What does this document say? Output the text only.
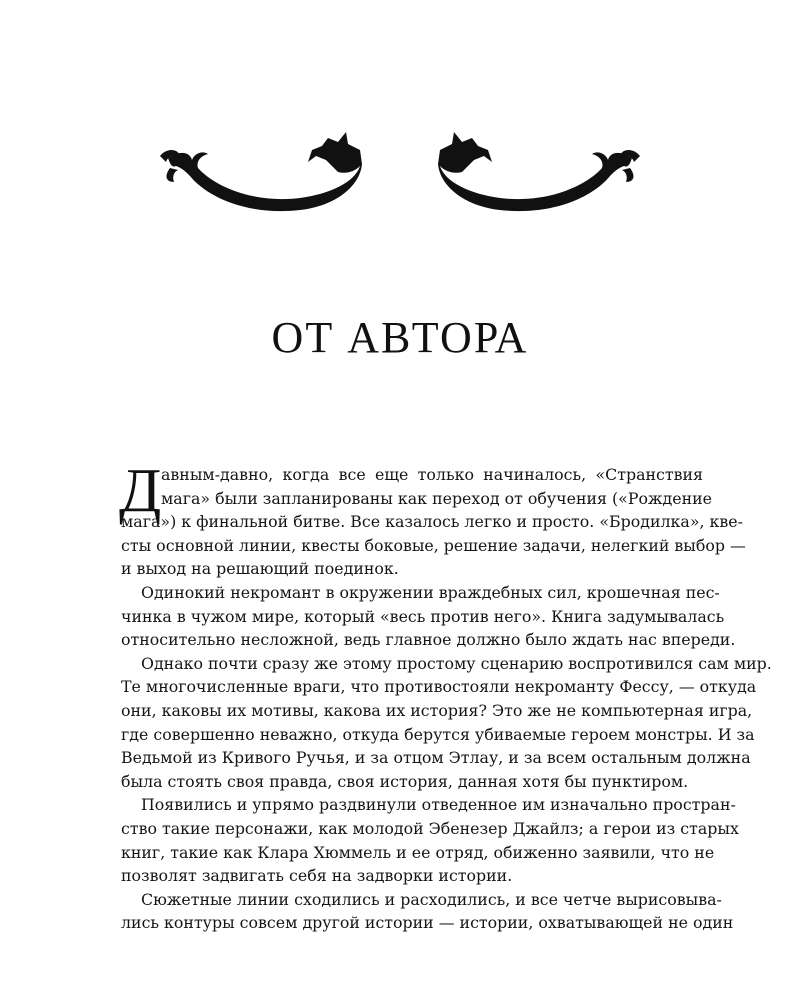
ОТ АВТОРА
Д авным-давно, когда все еще только начиналось, «Странствия
мага» были запланированы как переход от обучения («Рождение
мага») к финальной битве. Все казалось легко и просто. «Бродилка», кве-
сты основной линии, квесты боковые, решение задачи, нелегкий выбор —
и выход на решающий поединок.
Одинокий некромант в окружении враждебных сил, крошечная пес-
чинка в чужом мире, который «весь против него». Книга задумывалась
относительно несложной, ведь главное должно было ждать нас впереди.
Однако почти сразу же этому простому сценарию воспротивился сам мир.
Те многочисленные враги, что противостояли некроманту Фессу, — откуда
они, каковы их мотивы, какова их история? Это же не компьютерная игра,
где совершенно неважно, откуда берутся убиваемые героем монстры. И за
Ведьмой из Кривого Ручья, и за отцом Этлау, и за всем остальным должна
была стоять своя правда, своя история, данная хотя бы пунктиром.
Появились и упрямо раздвинули отведенное им изначально простран-
ство такие персонажи, как молодой Эбенезер Джайлз; а герои из старых
книг, такие как Клара Хюммель и ее отряд, обиженно заявили, что не
позволят задвигать себя на задворки истории.
Сюжетные линии сходились и расходились, и все четче вырисовыва-
лись контуры совсем другой истории — истории, охватывающей не один
